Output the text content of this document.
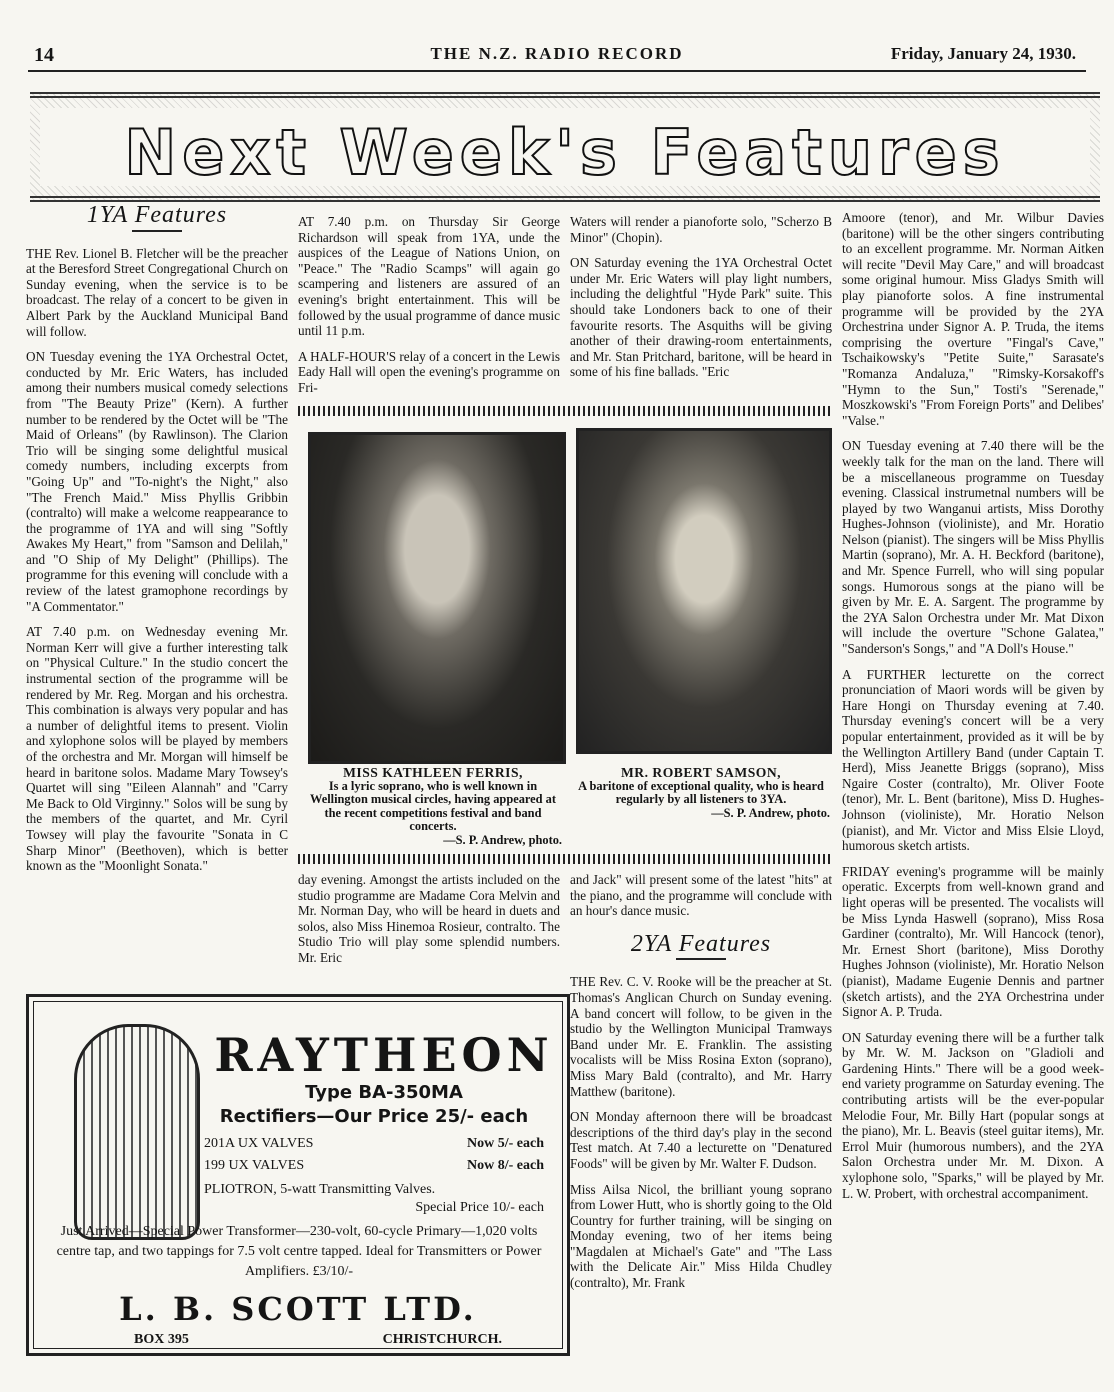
14	THE N.Z. RADIO RECORD	Friday, January 24, 1930.
Next Week's Features
1YA Features

THE Rev. Lionel B. Fletcher will be the preacher at the Beresford Street Congregational Church on Sunday evening, when the service is to be broadcast. The relay of a concert to be given in Albert Park by the Auckland Municipal Band will follow.

ON Tuesday evening the 1YA Orchestral Octet, conducted by Mr. Eric Waters, has included among their numbers musical comedy selections from "The Beauty Prize" (Kern). A further number to be rendered by the Octet will be "The Maid of Orleans" (by Rawlinson). The Clarion Trio will be singing some delightful musical comedy numbers, including excerpts from "Going Up" and "To-night's the Night," also "The French Maid." Miss Phyllis Gribbin (contralto) will make a welcome reappearance to the programme of 1YA and will sing "Softly Awakes My Heart," from "Samson and Delilah," and "O Ship of My Delight" (Phillips). The programme for this evening will conclude with a review of the latest gramophone recordings by "A Commentator."

AT 7.40 p.m. on Wednesday evening Mr. Norman Kerr will give a further interesting talk on "Physical Culture." In the studio concert the instrumental section of the programme will be rendered by Mr. Reg. Morgan and his orchestra. This combination is always very popular and has a number of delightful items to present. Violin and xylophone solos will be played by members of the orchestra and Mr. Morgan will himself be heard in baritone solos. Madame Mary Towsey's Quartet will sing "Eileen Alannah" and "Carry Me Back to Old Virginny." Solos will be sung by the members of the quartet, and Mr. Cyril Towsey will play the favourite "Sonata in C Sharp Minor" (Beethoven), which is better known as the "Moonlight Sonata."

AT 7.40 p.m. on Thursday Sir George Richardson will speak from 1YA, unde the auspices of the League of Nations Union, on "Peace." The "Radio Scamps" will again go scampering and listeners are assured of an evening's bright entertainment. This will be followed by the usual programme of dance music until 11 p.m.

A HALF-HOUR'S relay of a concert in the Lewis Eady Hall will open the evening's programme on Fri-

Waters will render a pianoforte solo, "Scherzo B Minor" (Chopin).

ON Saturday evening the 1YA Orchestral Octet under Mr. Eric Waters will play light numbers, including the delightful "Hyde Park" suite. This should take Londoners back to one of their favourite resorts. The Asquiths will be giving another of their drawing-room entertainments, and Mr. Stan Pritchard, baritone, will be heard in some of his fine ballads. "Eric

MISS KATHLEEN FERRIS,
Is a lyric soprano, who is well known in Wellington musical circles, having appeared at the recent competitions festival and band concerts.
—S. P. Andrew, photo.
MR. ROBERT SAMSON,
A baritone of exceptional quality, who is heard regularly by all listeners to 3YA.
—S. P. Andrew, photo.

day evening. Amongst the artists included on the studio programme are Madame Cora Melvin and Mr. Norman Day, who will be heard in duets and solos, also Miss Hinemoa Rosieur, contralto. The Studio Trio will play some splendid numbers. Mr. Eric

and Jack" will present some of the latest "hits" at the piano, and the programme will conclude with an hour's dance music.

2YA Features

THE Rev. C. V. Rooke will be the preacher at St. Thomas's Anglican Church on Sunday evening. A band concert will follow, to be given in the studio by the Wellington Municipal Tramways Band under Mr. E. Franklin. The assisting vocalists will be Miss Rosina Exton (soprano), Miss Mary Bald (contralto), and Mr. Harry Matthew (baritone).

ON Monday afternoon there will be broadcast descriptions of the third day's play in the second Test match. At 7.40 a lecturette on "Denatured Foods" will be given by Mr. Walter F. Dudson.

Miss Ailsa Nicol, the brilliant young soprano from Lower Hutt, who is shortly going to the Old Country for further training, will be singing on Monday evening, two of her items being "Magdalen at Michael's Gate" and "The Lass with the Delicate Air." Miss Hilda Chudley (contralto), Mr. Frank

Amoore (tenor), and Mr. Wilbur Davies (baritone) will be the other singers contributing to an excellent programme. Mr. Norman Aitken will recite "Devil May Care," and will broadcast some original humour. Miss Gladys Smith will play pianoforte solos. A fine instrumental programme will be provided by the 2YA Orchestrina under Signor A. P. Truda, the items comprising the overture "Fingal's Cave," Tschaikowsky's "Petite Suite," Sarasate's "Romanza Andaluza," "Rimsky-Korsakoff's "Hymn to the Sun," Tosti's "Serenade," Moszkowski's "From Foreign Ports" and Delibes' "Valse."

ON Tuesday evening at 7.40 there will be the weekly talk for the man on the land. There will be a miscellaneous programme on Tuesday evening. Classical instrumetnal numbers will be played by two Wanganui artists, Miss Dorothy Hughes-Johnson (violiniste), and Mr. Horatio Nelson (pianist). The singers will be Miss Phyllis Martin (soprano), Mr. A. H. Beckford (baritone), and Mr. Spence Furrell, who will sing popular songs. Humorous songs at the piano will be given by Mr. E. A. Sargent. The programme by the 2YA Salon Orchestra under Mr. Mat Dixon will include the overture "Schone Galatea," "Sanderson's Songs," and "A Doll's House."

A FURTHER lecturette on the correct pronunciation of Maori words will be given by Hare Hongi on Thursday evening at 7.40. Thursday evening's concert will be a very popular entertainment, provided as it will be by the Wellington Artillery Band (under Captain T. Herd), Miss Jeanette Briggs (soprano), Miss Ngaire Coster (contralto), Mr. Oliver Foote (tenor), Mr. L. Bent (baritone), Miss D. Hughes-Johnson (violiniste), Mr. Horatio Nelson (pianist), and Mr. Victor and Miss Elsie Lloyd, humorous sketch artists.

FRIDAY evening's programme will be mainly operatic. Excerpts from well-known grand and light operas will be presented. The vocalists will be Miss Lynda Haswell (soprano), Miss Rosa Gardiner (contralto), Mr. Will Hancock (tenor), Mr. Ernest Short (baritone), Miss Dorothy Hughes Johnson (violiniste), Mr. Horatio Nelson (pianist), Madame Eugenie Dennis and partner (sketch artists), and the 2YA Orchestrina under Signor A. P. Truda.

ON Saturday evening there will be a further talk by Mr. W. M. Jackson on "Gladioli and Gardening Hints." There will be a good week-end variety programme on Saturday evening. The contributing artists will be the ever-popular Melodie Four, Mr. Billy Hart (popular songs at the piano), Mr. L. Beavis (steel guitar items), Mr. Errol Muir (humorous numbers), and the 2YA Salon Orchestra under Mr. M. Dixon. A xylophone solo, "Sparks," will be played by Mr. L. W. Probert, with orchestral accompaniment.

RAYTHEON
Type BA-350MA
Rectifiers—Our Price 25/- each
201A UX VALVES	Now 5/- each
199 UX VALVES	Now 8/- each
PLIOTRON, 5-watt Transmitting Valves.
Special Price 10/- each
Just Arrived—Special Power Transformer—230-volt, 60-cycle Primary—1,020 volts centre tap, and two tappings for 7.5 volt centre tapped. Ideal for Transmitters or Power Amplifiers. £3/10/-
L. B. SCOTT LTD.
BOX 395	CHRISTCHURCH.
